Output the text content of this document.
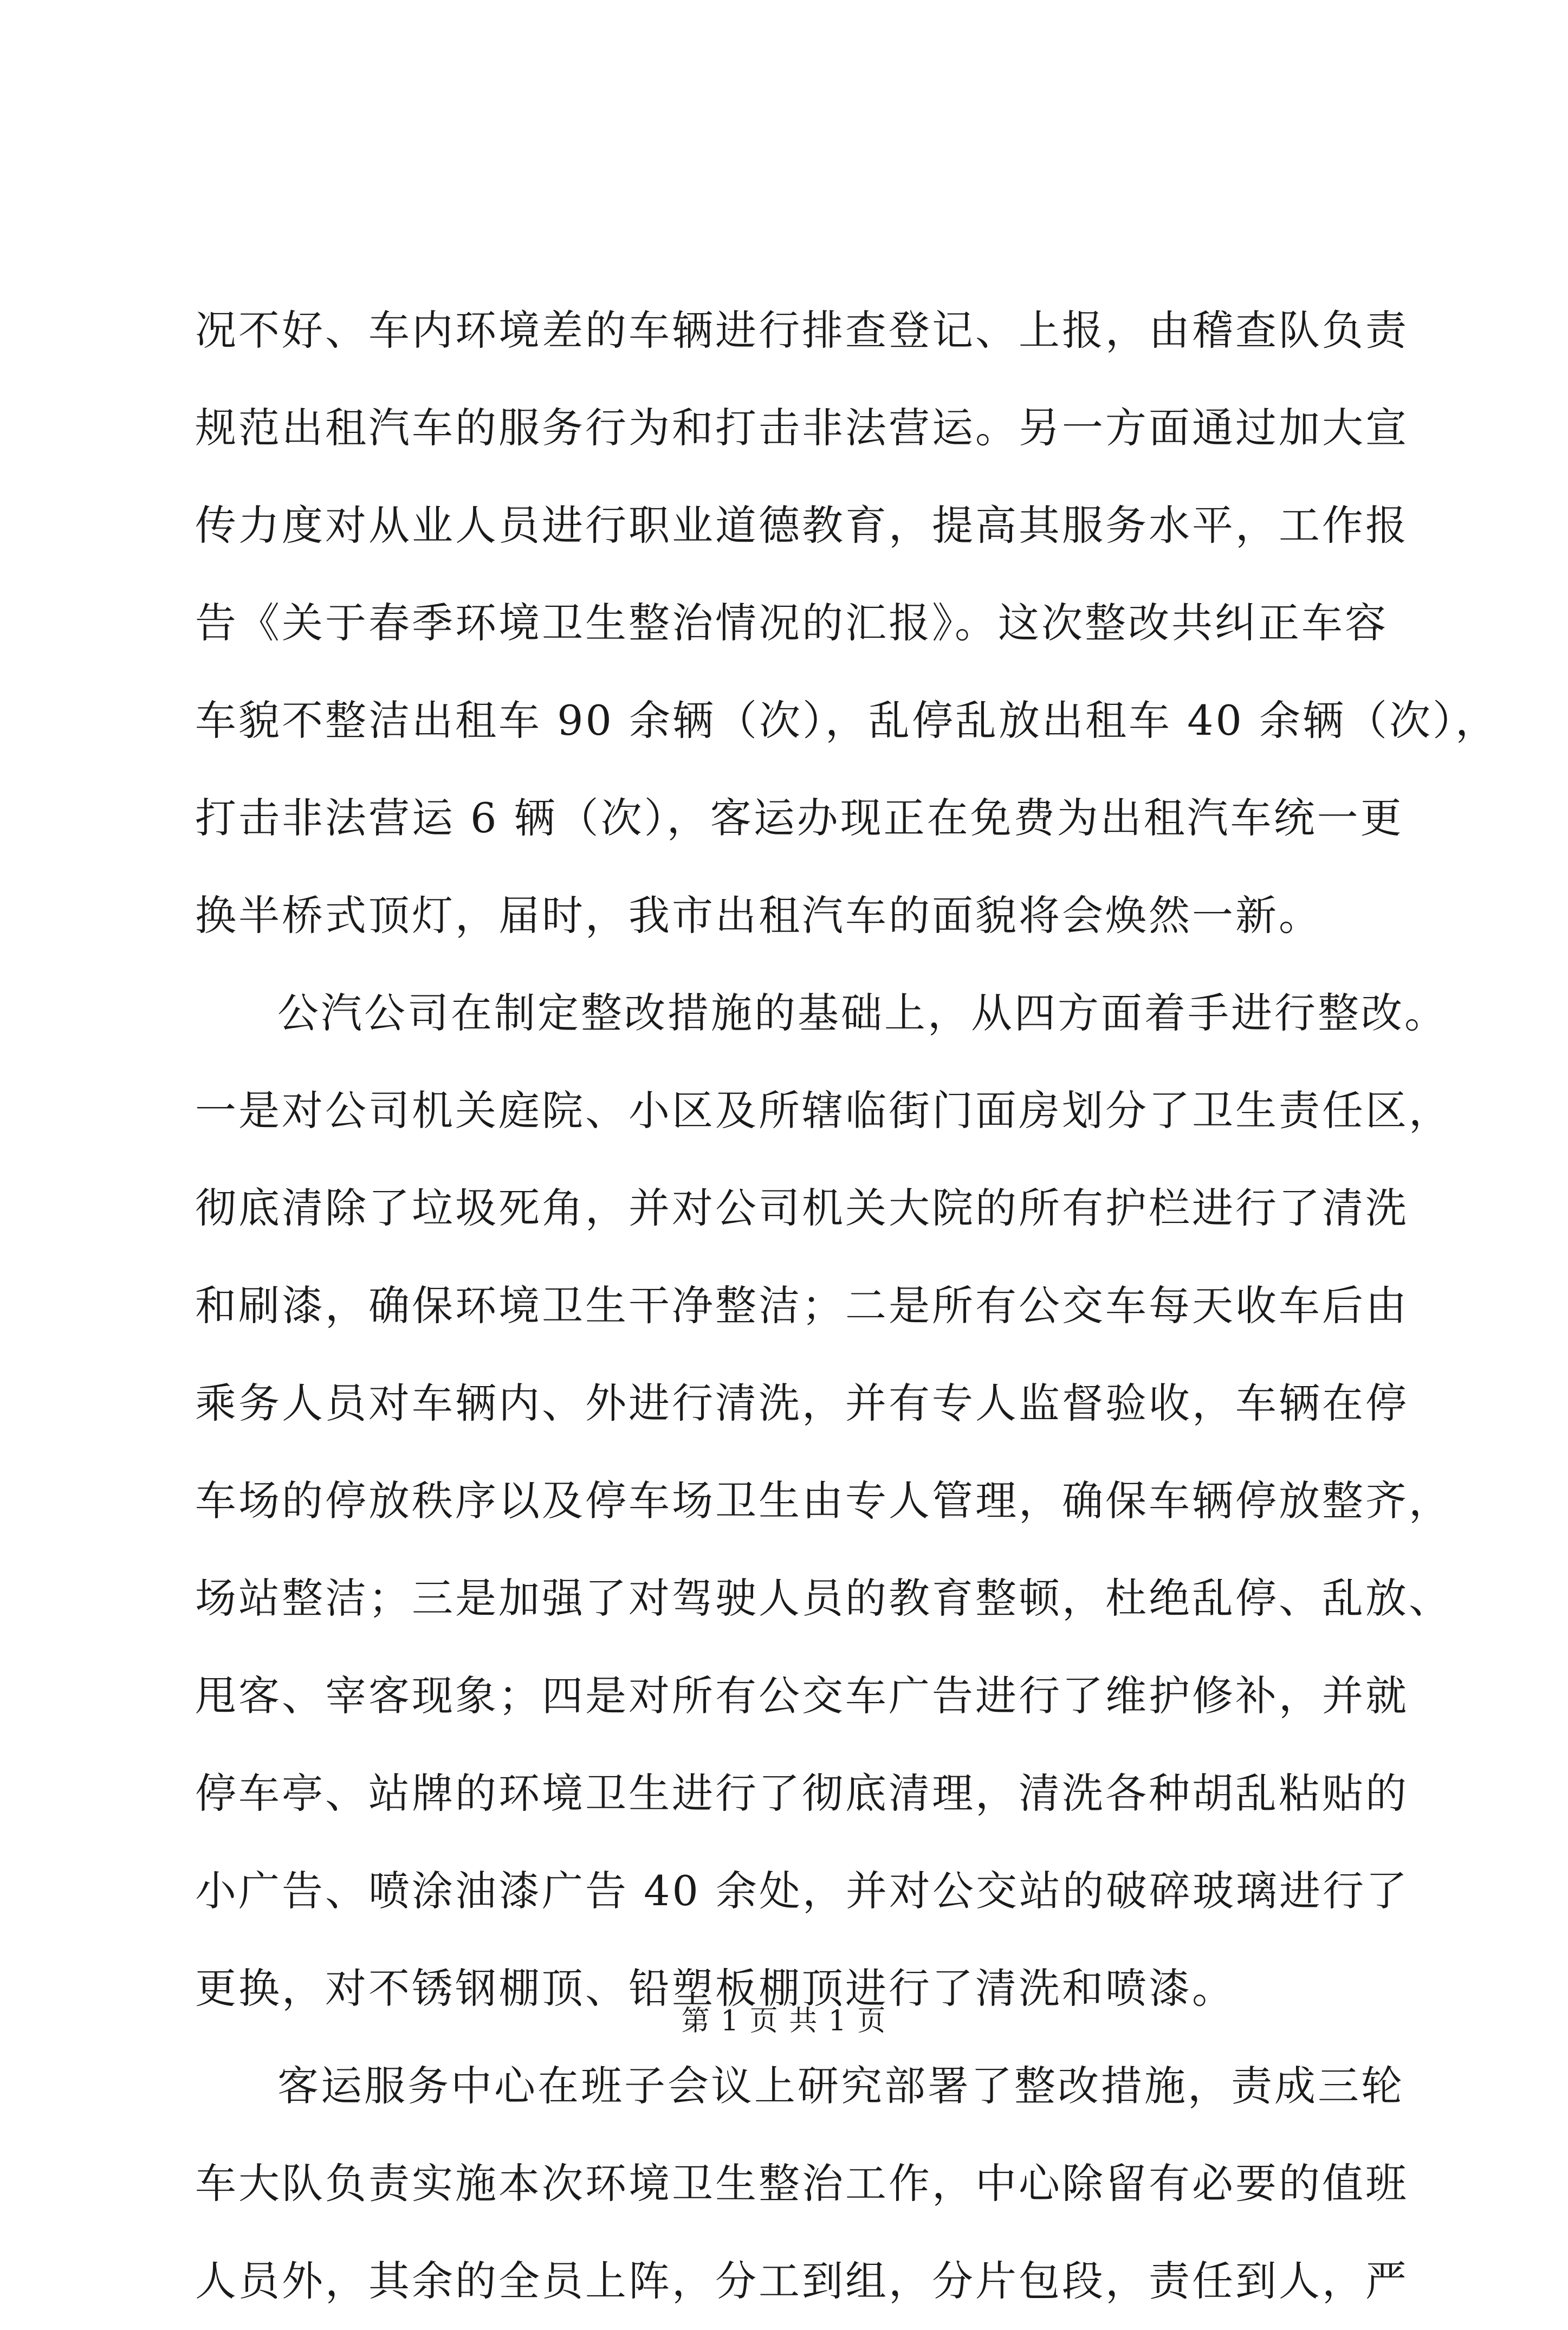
况不好、车内环境差的车辆进行排查登记、上报，由稽查队负责
规范出租汽车的服务行为和打击非法营运。另一方面通过加大宣
传力度对从业人员进行职业道德教育，提高其服务水平，工作报
告《关于春季环境卫生整治情况的汇报》。这次整改共纠正车容
车貌不整洁出租车 90 余辆（次），乱停乱放出租车 40 余辆（次），
打击非法营运 6 辆（次），客运办现正在免费为出租汽车统一更
换半桥式顶灯，届时，我市出租汽车的面貌将会焕然一新。
公汽公司在制定整改措施的基础上，从四方面着手进行整改。
一是对公司机关庭院、小区及所辖临街门面房划分了卫生责任区，
彻底清除了垃圾死角，并对公司机关大院的所有护栏进行了清洗
和刷漆，确保环境卫生干净整洁；二是所有公交车每天收车后由
乘务人员对车辆内、外进行清洗，并有专人监督验收，车辆在停
车场的停放秩序以及停车场卫生由专人管理，确保车辆停放整齐，
场站整洁；三是加强了对驾驶人员的教育整顿，杜绝乱停、乱放、
甩客、宰客现象；四是对所有公交车广告进行了维护修补，并就
停车亭、站牌的环境卫生进行了彻底清理，清洗各种胡乱粘贴的
小广告、喷涂油漆广告 40 余处，并对公交站的破碎玻璃进行了
更换，对不锈钢棚顶、铅塑板棚顶进行了清洗和喷漆。
客运服务中心在班子会议上研究部署了整改措施，责成三轮
车大队负责实施本次环境卫生整治工作，中心除留有必要的值班
人员外，其余的全员上阵，分工到组，分片包段，责任到人，严
第 1 页 共 1 页
